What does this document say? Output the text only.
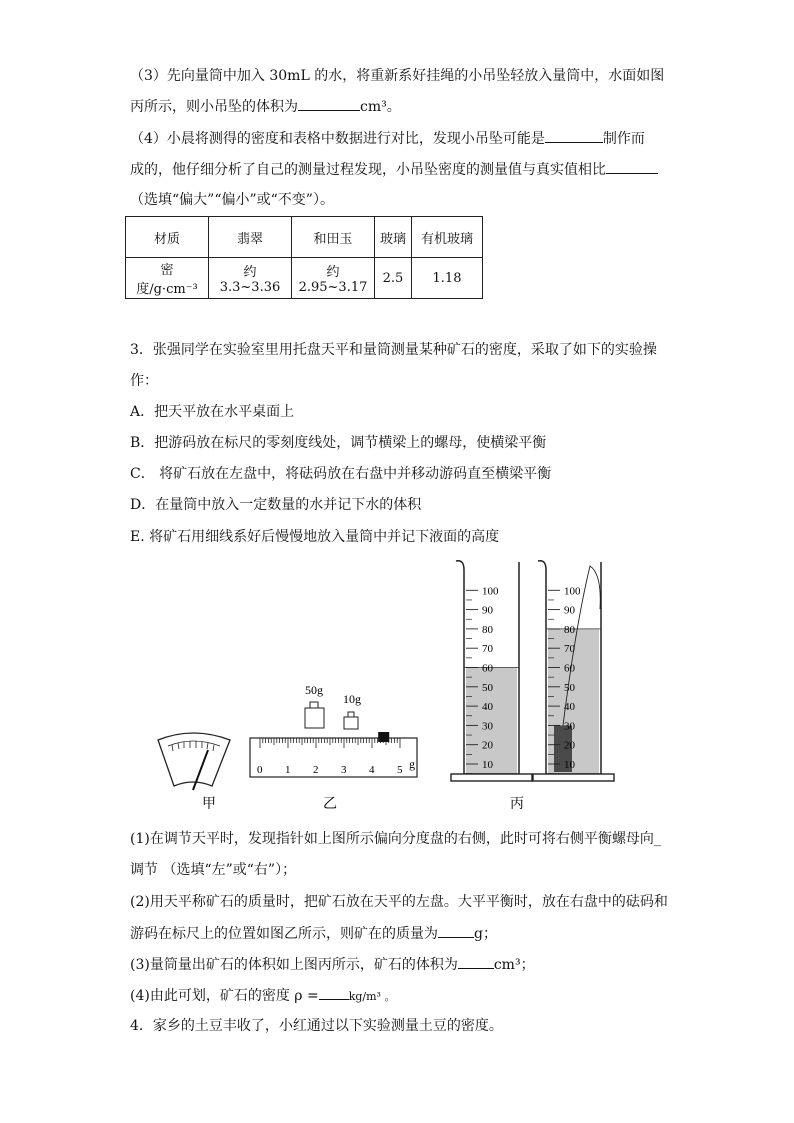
（3）先向量筒中加入 30mL 的水，将重新系好挂绳的小吊坠轻放入量筒中，水面如图
丙所示，则小吊坠的体积为	cm³。
（4）小晨将测得的密度和表格中数据进行对比，发现小吊坠可能是	制作而
成的，他仔细分析了自己的测量过程发现，小吊坠密度的测量值与真实值相比
（选填“偏大”“偏小”或“不变”）。
材质	翡翠	和田玉	玻璃	有机玻璃
密度/g·cm⁻³	约 3.3~3.36	约 2.95~3.17	2.5	1.18
3．张强同学在实验室里用托盘天平和量筒测量某种矿石的密度，采取了如下的实验操
作：
A．把天平放在水平桌面上
B．把游码放在标尺的零刻度线处，调节横梁上的螺母，使横梁平衡
C． 将矿石放在左盘中，将砝码放在右盘中并移动游码直至横梁平衡
D．在量筒中放入一定数量的水并记下水的体积
E. 将矿石用细线系好后慢慢地放入量筒中并记下液面的高度
50g
10g
0 1 2 3 4 5 g
100
90
80
70
60
50
40
30
20
10
100
90
80
70
60
50
40
30
20
10
甲	乙	丙
(1)在调节天平时，发现指针如上图所示偏向分度盘的右侧，此时可将右侧平衡螺母向_
调节 （选填“左”或“右”）；
(2)用天平称矿石的质量时，把矿石放在天平的左盘。大平平衡时，放在右盘中的砝码和
游码在标尺上的位置如图乙所示，则矿在的质量为	g；
(3)量筒量出矿石的体积如上图丙所示，矿石的体积为	cm³；
(4)由此可划，矿石的密度 ρ =	kg/m³ 。
4．家乡的土豆丰收了，小红通过以下实验测量土豆的密度。
